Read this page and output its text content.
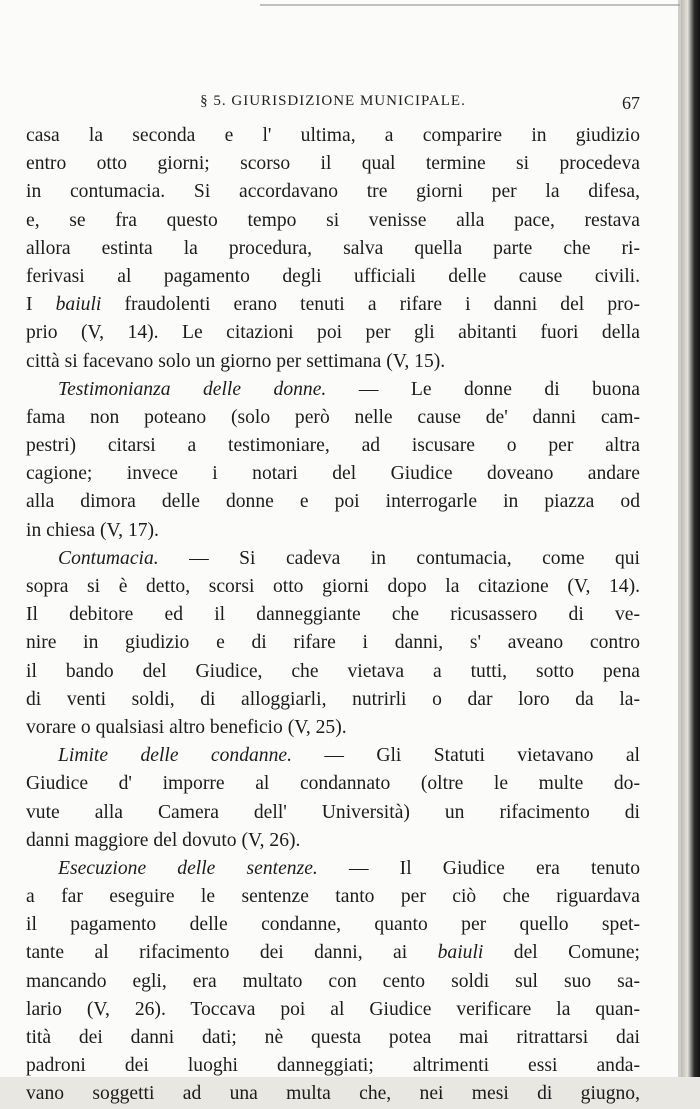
§ 5. GIURISDIZIONE MUNICIPALE.	67
casa la seconda e l' ultima, a comparire in giudizio
entro otto giorni; scorso il qual termine si procedeva
in contumacia. Si accordavano tre giorni per la difesa,
e, se fra questo tempo si venisse alla pace, restava
allora estinta la procedura, salva quella parte che ri-
ferivasi al pagamento degli ufficiali delle cause civili.
I baiuli fraudolenti erano tenuti a rifare i danni del pro-
prio (V, 14). Le citazioni poi per gli abitanti fuori della
città si facevano solo un giorno per settimana (V, 15).
Testimonianza delle donne. — Le donne di buona
fama non poteano (solo però nelle cause de' danni cam-
pestri) citarsi a testimoniare, ad iscusare o per altra
cagione; invece i notari del Giudice doveano andare
alla dimora delle donne e poi interrogarle in piazza od
in chiesa (V, 17).
Contumacia. — Si cadeva in contumacia, come qui
sopra si è detto, scorsi otto giorni dopo la citazione (V, 14).
Il debitore ed il danneggiante che ricusassero di ve-
nire in giudizio e di rifare i danni, s' aveano contro
il bando del Giudice, che vietava a tutti, sotto pena
di venti soldi, di alloggiarli, nutrirli o dar loro da la-
vorare o qualsiasi altro beneficio (V, 25).
Limite delle condanne. — Gli Statuti vietavano al
Giudice d' imporre al condannato (oltre le multe do-
vute alla Camera dell' Università) un rifacimento di
danni maggiore del dovuto (V, 26).
Esecuzione delle sentenze. — Il Giudice era tenuto
a far eseguire le sentenze tanto per ciò che riguardava
il pagamento delle condanne, quanto per quello spet-
tante al rifacimento dei danni, ai baiuli del Comune;
mancando egli, era multato con cento soldi sul suo sa-
lario (V, 26). Toccava poi al Giudice verificare la quan-
tità dei danni dati; nè questa potea mai ritrattarsi dai
padroni dei luoghi danneggiati; altrimenti essi anda-
vano soggetti ad una multa che, nei mesi di giugno,
